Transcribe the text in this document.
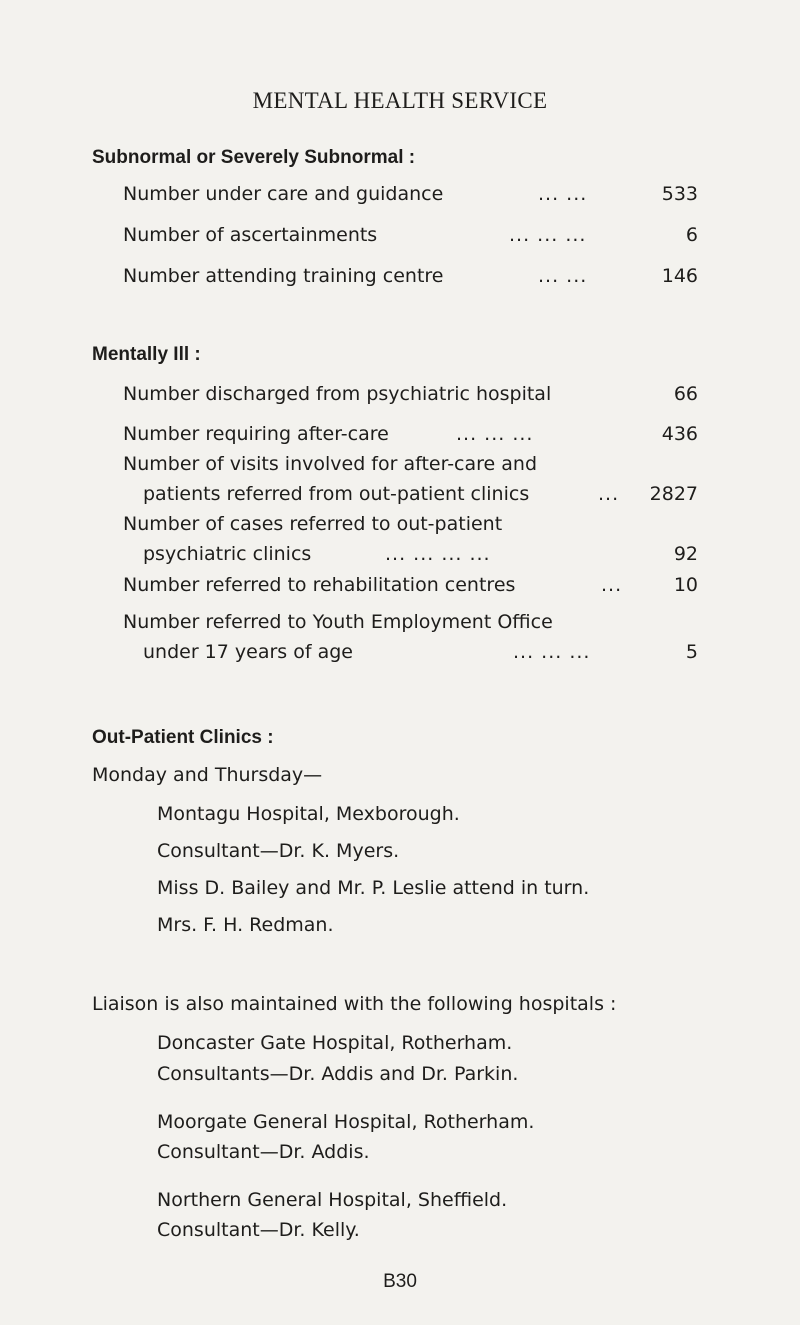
MENTAL HEALTH SERVICE
Subnormal or Severely Subnormal :
Number under care and guidance	... ...	533
Number of ascertainments	... ... ...	6
Number attending training centre	... ...	146
Mentally Ill :
Number discharged from psychiatric hospital	66
Number requiring after-care	... ... ...	436
Number of visits involved for after-care and
patients referred from out-patient clinics	... 2827
Number of cases referred to out-patient
psychiatric clinics	... ... ... ...	92
Number referred to rehabilitation centres	...	10
Number referred to Youth Employment Office
under 17 years of age	... ... ...	5
Out-Patient Clinics :
Monday and Thursday—
Montagu Hospital, Mexborough.
Consultant—Dr. K. Myers.
Miss D. Bailey and Mr. P. Leslie attend in turn.
Mrs. F. H. Redman.
Liaison is also maintained with the following hospitals :
Doncaster Gate Hospital, Rotherham.
Consultants—Dr. Addis and Dr. Parkin.
Moorgate General Hospital, Rotherham.
Consultant—Dr. Addis.
Northern General Hospital, Sheffield.
Consultant—Dr. Kelly.
B30
